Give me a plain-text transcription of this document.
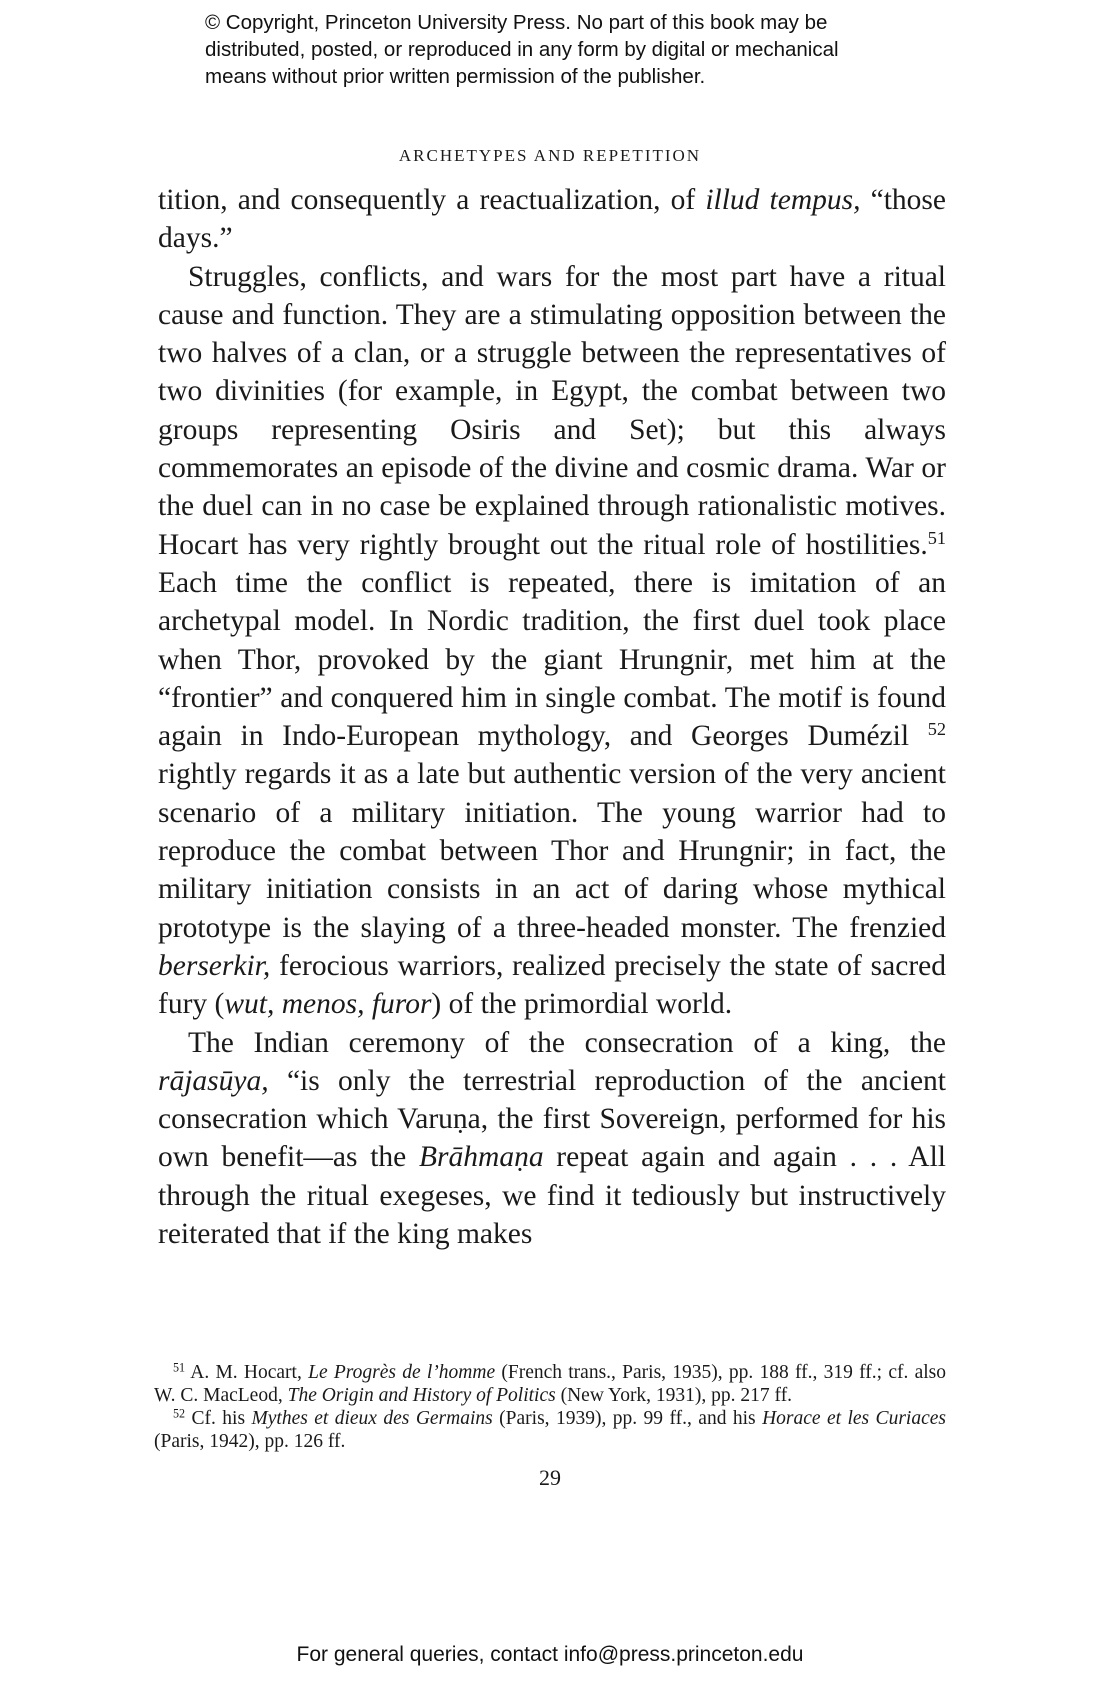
© Copyright, Princeton University Press. No part of this book may be
distributed, posted, or reproduced in any form by digital or mechanical
means without prior written permission of the publisher.
ARCHETYPES AND REPETITION

tition, and consequently a reactualization, of illud tempus, “those days.”

Struggles, conflicts, and wars for the most part have a ritual cause and function. They are a stimulating opposition between the two halves of a clan, or a struggle between the representatives of two divinities (for example, in Egypt, the combat between two groups representing Osiris and Set); but this always commemorates an episode of the divine and cosmic drama. War or the duel can in no case be explained through rationalistic motives. Hocart has very rightly brought out the ritual role of hostilities.$^{51}$ Each time the conflict is repeated, there is imitation of an archetypal model. In Nordic tradition, the first duel took place when Thor, provoked by the giant Hrungnir, met him at the “frontier” and conquered him in single combat. The motif is found again in Indo-European mythology, and Georges Dumézil $^{52}$ rightly regards it as a late but authentic version of the very ancient scenario of a military initiation. The young warrior had to reproduce the combat between Thor and Hrungnir; in fact, the military initiation consists in an act of daring whose mythical prototype is the slaying of a three-headed monster. The frenzied berserkir, ferocious warriors, realized precisely the state of sacred fury (wut, menos, furor) of the primordial world.

The Indian ceremony of the consecration of a king, the rājasūya, “is only the terrestrial reproduction of the ancient consecration which Varuṇa, the first Sovereign, performed for his own benefit—as the Brāhmaṇa repeat again and again . . . All through the ritual exegeses, we find it tediously but instructively reiterated that if the king makes

$^{51}$ A. M. Hocart, Le Progrès de l’homme (French trans., Paris, 1935), pp. 188 ff., 319 ff.; cf. also W. C. MacLeod, The Origin and History of Politics (New York, 1931), pp. 217 ff.

$^{52}$ Cf. his Mythes et dieux des Germains (Paris, 1939), pp. 99 ff., and his Horace et les Curiaces (Paris, 1942), pp. 126 ff.

29
For general queries, contact info@press.princeton.edu
